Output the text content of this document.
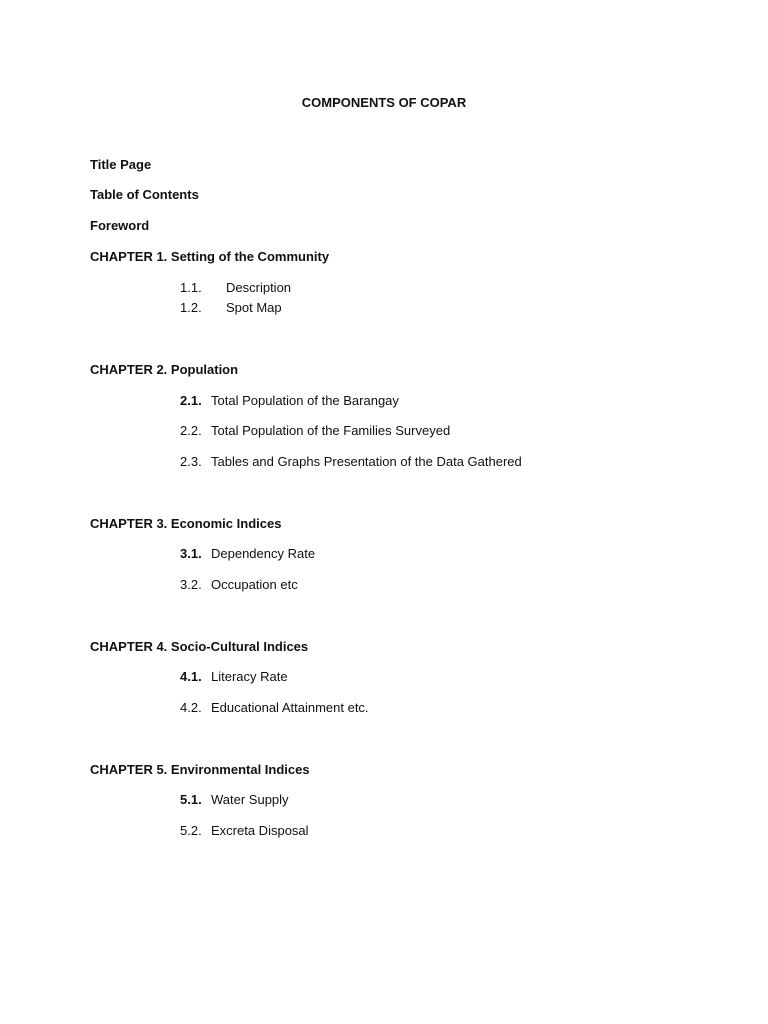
COMPONENTS OF COPAR
Title Page
Table of Contents
Foreword
CHAPTER 1. Setting of the Community
1.1. Description
1.2. Spot Map
CHAPTER 2. Population
2.1. Total Population of the Barangay
2.2. Total Population of the Families Surveyed
2.3. Tables and Graphs Presentation of the Data Gathered
CHAPTER 3. Economic Indices
3.1. Dependency Rate
3.2. Occupation etc
CHAPTER 4. Socio-Cultural Indices
4.1. Literacy Rate
4.2. Educational Attainment etc.
CHAPTER 5. Environmental Indices
5.1. Water Supply
5.2. Excreta Disposal
